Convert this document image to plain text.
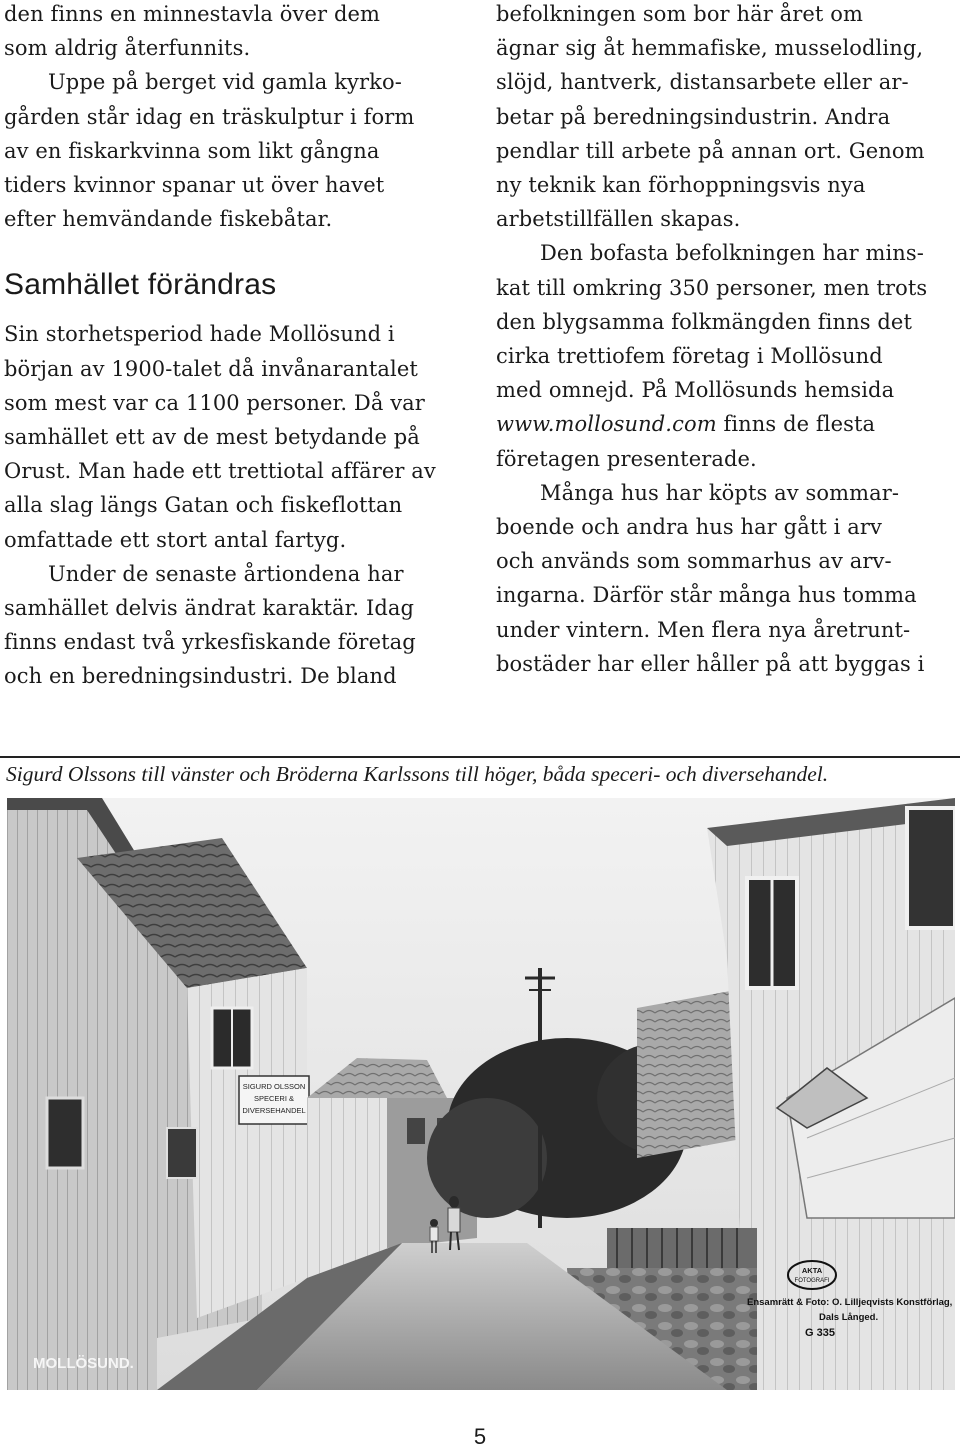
den finns en minnestavla över dem

som aldrig återfunnits.

Uppe på berget vid gamla kyrko-

gården står idag en träskulptur i form

av en fiskarkvinna som likt gångna

tiders kvinnor spanar ut över havet

efter hemvändande fiskebåtar.

Samhället förändras

Sin storhetsperiod hade Mollösund i

början av 1900-talet då invånarantalet

som mest var ca 1100 personer. Då var

samhället ett av de mest betydande på

Orust. Man hade ett trettiotal affärer av

alla slag längs Gatan och fiskeflottan

omfattade ett stort antal fartyg.

Under de senaste årtiondena har

samhället delvis ändrat karaktär. Idag

finns endast två yrkesfiskande företag

och en beredningsindustri. De bland

befolkningen som bor här året om

ägnar sig åt hemmafiske, musselodling,

slöjd, hantverk, distansarbete eller ar-

betar på beredningsindustrin. Andra

pendlar till arbete på annan ort. Genom

ny teknik kan förhoppningsvis nya

arbetstillfällen skapas.

Den bofasta befolkningen har mins-

kat till omkring 350 personer, men trots

den blygsamma folkmängden finns det

cirka trettiofem företag i Mollösund

med omnejd. På Mollösunds hemsida

www.mollosund.com finns de flesta

företagen presenterade.

Många hus har köpts av sommar-

boende och andra hus har gått i arv

och används som sommarhus av arv-

ingarna. Därför står många hus tomma

under vintern. Men flera nya åretrunt-

bostäder har eller håller på att byggas i

Sigurd Olssons till vänster och Bröderna Karlssons till höger, båda speceri- och diversehandel.
SIGURD OLSSON
SPECERI &
DIVERSEHANDEL
AKTA
FOTOGRAFI
Ensamrätt & Foto: O. Lilljeqvists Konstförlag,
Dals Långed.
G 335
MOLLÖSUND.
5
